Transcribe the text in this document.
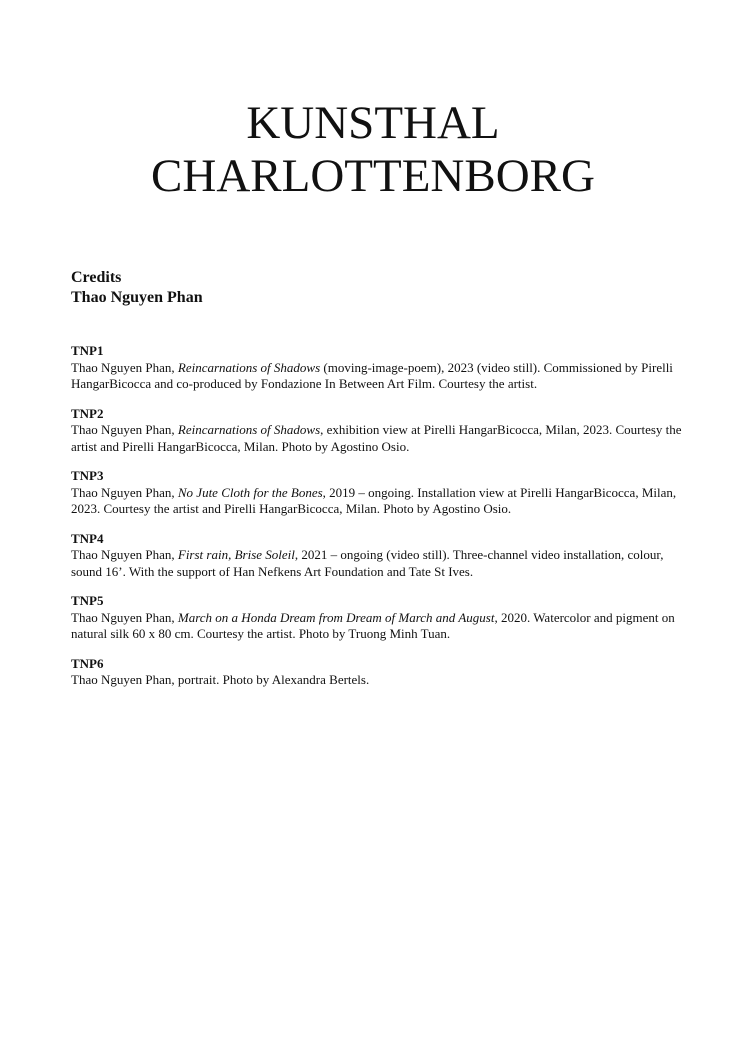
KUNSTHAL
CHARLOTTENBORG
Credits
Thao Nguyen Phan
TNP1
Thao Nguyen Phan, Reincarnations of Shadows (moving-image-poem), 2023 (video still). Commissioned by Pirelli HangarBicocca and co-produced by Fondazione In Between Art Film. Courtesy the artist.
TNP2
Thao Nguyen Phan, Reincarnations of Shadows, exhibition view at Pirelli HangarBicocca, Milan, 2023. Courtesy the artist and Pirelli HangarBicocca, Milan. Photo by Agostino Osio.
TNP3
Thao Nguyen Phan, No Jute Cloth for the Bones, 2019 – ongoing. Installation view at Pirelli HangarBicocca, Milan, 2023. Courtesy the artist and Pirelli HangarBicocca, Milan. Photo by Agostino Osio.
TNP4
Thao Nguyen Phan, First rain, Brise Soleil, 2021 – ongoing (video still). Three-channel video installation, colour, sound 16’. With the support of Han Nefkens Art Foundation and Tate St Ives.
TNP5
Thao Nguyen Phan, March on a Honda Dream from Dream of March and August, 2020. Watercolor and pigment on natural silk 60 x 80 cm. Courtesy the artist. Photo by Truong Minh Tuan.
TNP6
Thao Nguyen Phan, portrait. Photo by Alexandra Bertels.
